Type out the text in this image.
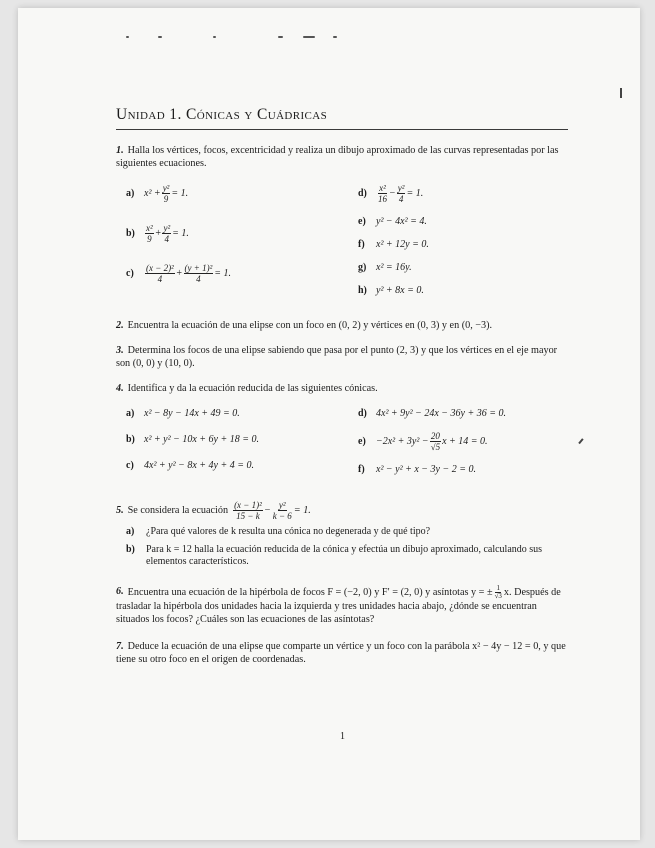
Unidad 1. Cónicas y Cuádricas
1. Halla los vértices, focos, excentricidad y realiza un dibujo aproximado de las curvas representadas por las siguientes ecuaciones.
a) $x^2 + \frac{\text{y²}}{9} = 1$.
b)	$\frac{\text{x²}}{9} + \frac{\text{y²}}{4} = 1$.
c)	$\frac{\text{(x − 2)²}}{4} + \frac{\text{(y + 1)²}}{4} = 1$.
d)	$\frac{\text{x²}}{16} - \frac{\text{y²}}{4} = 1$.
e)	y² − 4x² = 4.
f)	x² + 12y = 0.
g) x² = 16y.
h) y² + 8x = 0.
2. Encuentra la ecuación de una elipse con un foco en (0, 2) y vértices en (0, 3) y en (0, −3).
3. Determina los focos de una elipse sabiendo que pasa por el punto (2, 3) y que los vértices en el eje mayor son (0, 0) y (10, 0).
4. Identifica y da la ecuación reducida de las siguientes cónicas.
a) x² − 8y − 14x + 49 = 0.
b) x² + y² − 10x + 6y + 18 = 0.
c)	4x² + y² − 8x + 4y + 4 = 0.
d) 4x² + 9y² − 24x − 36y + 36 = 0.
e)	$-2x^2 + 3y^2 - \frac{20}{√5}$ x + 14 = 0.
f)	x² − y² + x − 3y − 2 = 0.
5. Se considera la ecuación $\frac{\text{(x − 1)²}}{15 - k} - \frac{\text{y²}}{k - 6} = 1$.
a)	¿Para qué valores de k resulta una cónica no degenerada y de qué tipo?
b)	Para k = 12 halla la ecuación reducida de la cónica y efectúa un dibujo aproximado, calculando sus elementos característicos.
6. Encuentra una ecuación de la hipérbola de focos F = (−2, 0) y F′ = (2, 0) y asíntotas y = ± $\frac{1}{√3} x$. Después de trasladar la hipérbola dos unidades hacia la izquierda y tres unidades hacia abajo, ¿dónde se encuentran situados los focos? ¿Cuáles son las ecuaciones de las asíntotas?
7. Deduce la ecuación de una elipse que comparte un vértice y un foco con la parábola x² − 4y − 12 = 0, y que tiene su otro foco en el origen de coordenadas.
1
